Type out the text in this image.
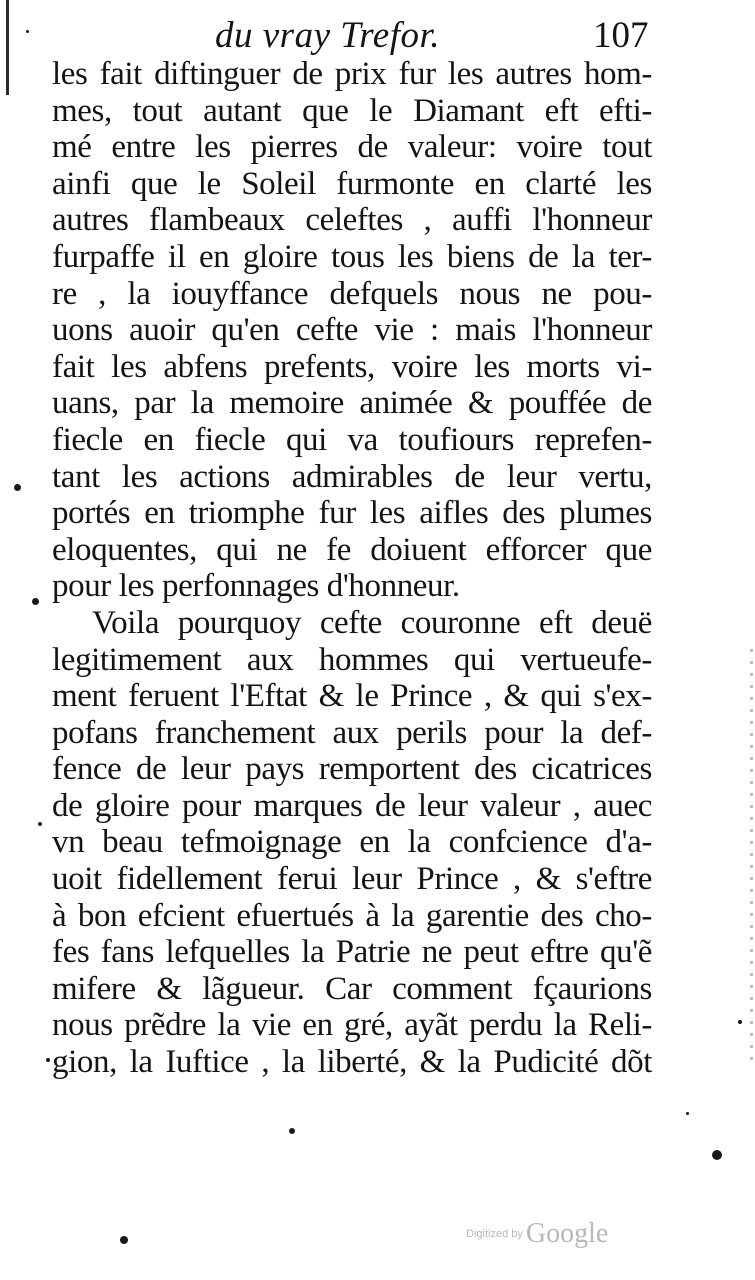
du vray Trefor.	107
les fait diftinguer de prix fur les autres hom-
mes, tout autant que le Diamant eft efti-
mé entre les pierres de valeur: voire tout
ainfi que le Soleil furmonte en clarté les
autres flambeaux celeftes , auffi l'honneur
furpaffe il en gloire tous les biens de la ter-
re , la iouyffance defquels nous ne pou-
uons auoir qu'en cefte vie : mais l'honneur
fait les abfens prefents, voire les morts vi-
uans, par la memoire animée & pouffée de
fiecle en fiecle qui va toufiours reprefen-
tant les actions admirables de leur vertu,
portés en triomphe fur les aifles des plumes
eloquentes, qui ne fe doiuent efforcer que
pour les perfonnages d'honneur.
Voila pourquoy cefte couronne eft deuë
legitimement aux hommes qui vertueufe-
ment feruent l'Eftat & le Prince , & qui s'ex-
pofans franchement aux perils pour la def-
fence de leur pays remportent des cicatrices
de gloire pour marques de leur valeur , auec
vn beau tefmoignage en la confcience d'a-
uoit fidellement ferui leur Prince , & s'eftre
à bon efcient efuertués à la garentie des cho-
fes fans lefquelles la Patrie ne peut eftre qu'ẽ
mifere & lãgueur. Car comment fçaurions
nous prẽdre la vie en gré, ayãt perdu la Reli-
gion, la Iuftice , la liberté, & la Pudicité dõt
Digitized by Google
